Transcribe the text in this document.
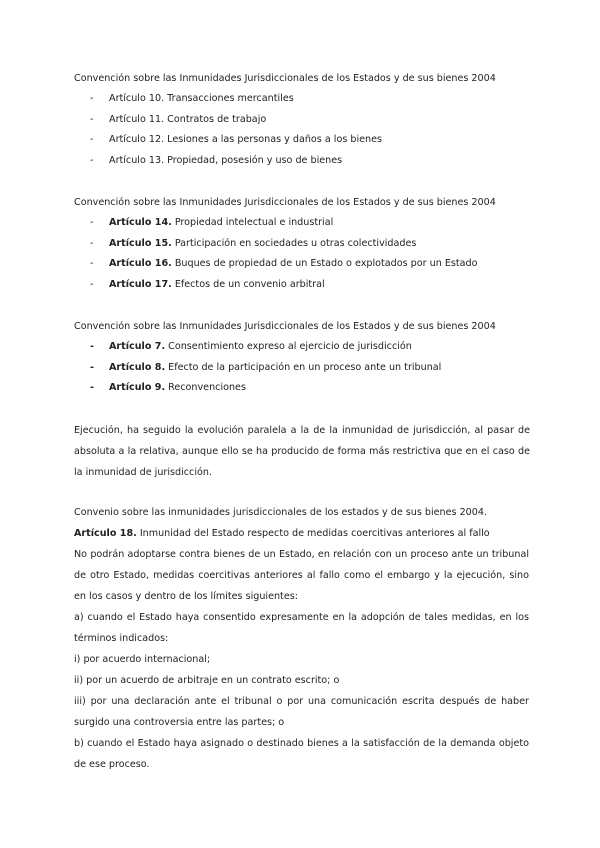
Convención sobre las Inmunidades Jurisdiccionales de los Estados y de sus bienes 2004

- Artículo 10. Transacciones mercantiles
- Artículo 11. Contratos de trabajo
- Artículo 12. Lesiones a las personas y daños a los bienes
- Artículo 13. Propiedad, posesión y uso de bienes

Convención sobre las Inmunidades Jurisdiccionales de los Estados y de sus bienes 2004

- Artículo 14. Propiedad intelectual e industrial
- Artículo 15. Participación en sociedades u otras colectividades
- Artículo 16. Buques de propiedad de un Estado o explotados por un Estado
- Artículo 17. Efectos de un convenio arbitral

Convención sobre las Inmunidades Jurisdiccionales de los Estados y de sus bienes 2004

- Artículo 7. Consentimiento expreso al ejercicio de jurisdicción
- Artículo 8. Efecto de la participación en un proceso ante un tribunal
- Artículo 9. Reconvenciones

Ejecución, ha seguido la evolución paralela a la de la inmunidad de jurisdicción, al pasar de absoluta a la relativa, aunque ello se ha producido de forma más restrictiva que en el caso de la inmunidad de jurisdicción.

Convenio sobre las inmunidades jurisdiccionales de los estados y de sus bienes 2004.

Artículo 18. Inmunidad del Estado respecto de medidas coercitivas anteriores al fallo

No podrán adoptarse contra bienes de un Estado, en relación con un proceso ante un tribunal de otro Estado, medidas coercitivas anteriores al fallo como el embargo y la ejecución, sino en los casos y dentro de los límites siguientes:

a) cuando el Estado haya consentido expresamente en la adopción de tales medidas, en los términos indicados:

i) por acuerdo internacional;

ii) por un acuerdo de arbitraje en un contrato escrito; o

iii) por una declaración ante el tribunal o por una comunicación escrita después de haber surgido una controversia entre las partes; o

b) cuando el Estado haya asignado o destinado bienes a la satisfacción de la demanda objeto de ese proceso.
